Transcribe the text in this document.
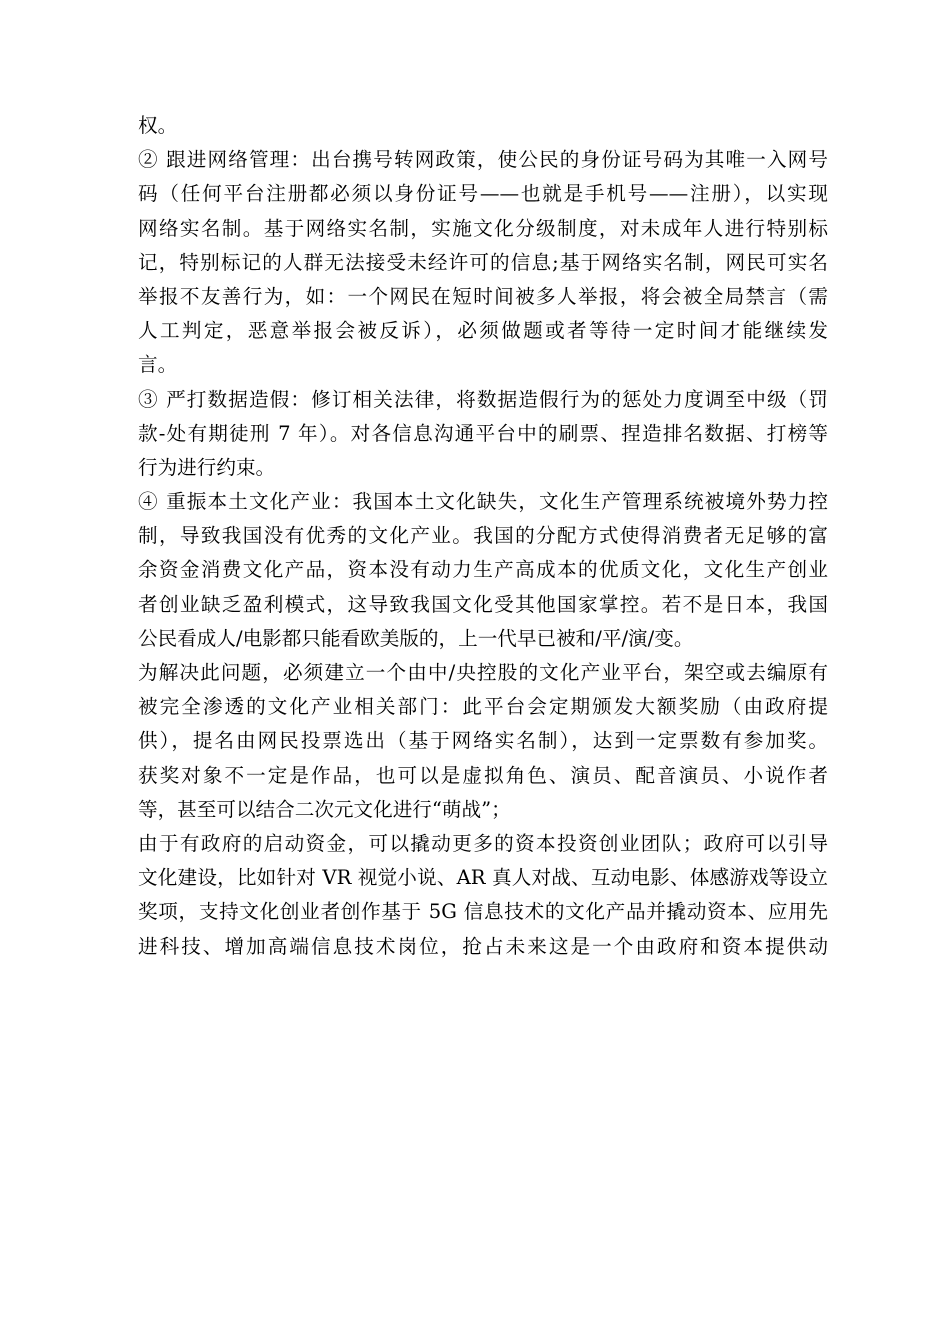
权。
② 跟进网络管理：出台携号转网政策，使公民的身份证号码为其唯一入网号
码（任何平台注册都必须以身份证号——也就是手机号——注册），以实现
网络实名制。基于网络实名制，实施文化分级制度，对未成年人进行特别标
记，特别标记的人群无法接受未经许可的信息;基于网络实名制，网民可实名
举报不友善行为，如：一个网民在短时间被多人举报，将会被全局禁言（需
人工判定，恶意举报会被反诉），必须做题或者等待一定时间才能继续发
言。
③ 严打数据造假：修订相关法律，将数据造假行为的惩处力度调至中级（罚
款-处有期徒刑 7 年）。对各信息沟通平台中的刷票、捏造排名数据、打榜等
行为进行约束。
④ 重振本土文化产业：我国本土文化缺失，文化生产管理系统被境外势力控
制，导致我国没有优秀的文化产业。我国的分配方式使得消费者无足够的富
余资金消费文化产品，资本没有动力生产高成本的优质文化，文化生产创业
者创业缺乏盈利模式，这导致我国文化受其他国家掌控。若不是日本，我国
公民看成人/电影都只能看欧美版的，上一代早已被和/平/演/变。
为解决此问题，必须建立一个由中/央控股的文化产业平台，架空或去编原有
被完全渗透的文化产业相关部门：此平台会定期颁发大额奖励（由政府提
供），提名由网民投票选出（基于网络实名制），达到一定票数有参加奖。
获奖对象不一定是作品，也可以是虚拟角色、演员、配音演员、小说作者
等，甚至可以结合二次元文化进行“萌战”；
由于有政府的启动资金，可以撬动更多的资本投资创业团队；政府可以引导
文化建设，比如针对 VR 视觉小说、AR 真人对战、互动电影、体感游戏等设立
奖项，支持文化创业者创作基于 5G 信息技术的文化产品并撬动资本、应用先
进科技、增加高端信息技术岗位，抢占未来这是一个由政府和资本提供动
